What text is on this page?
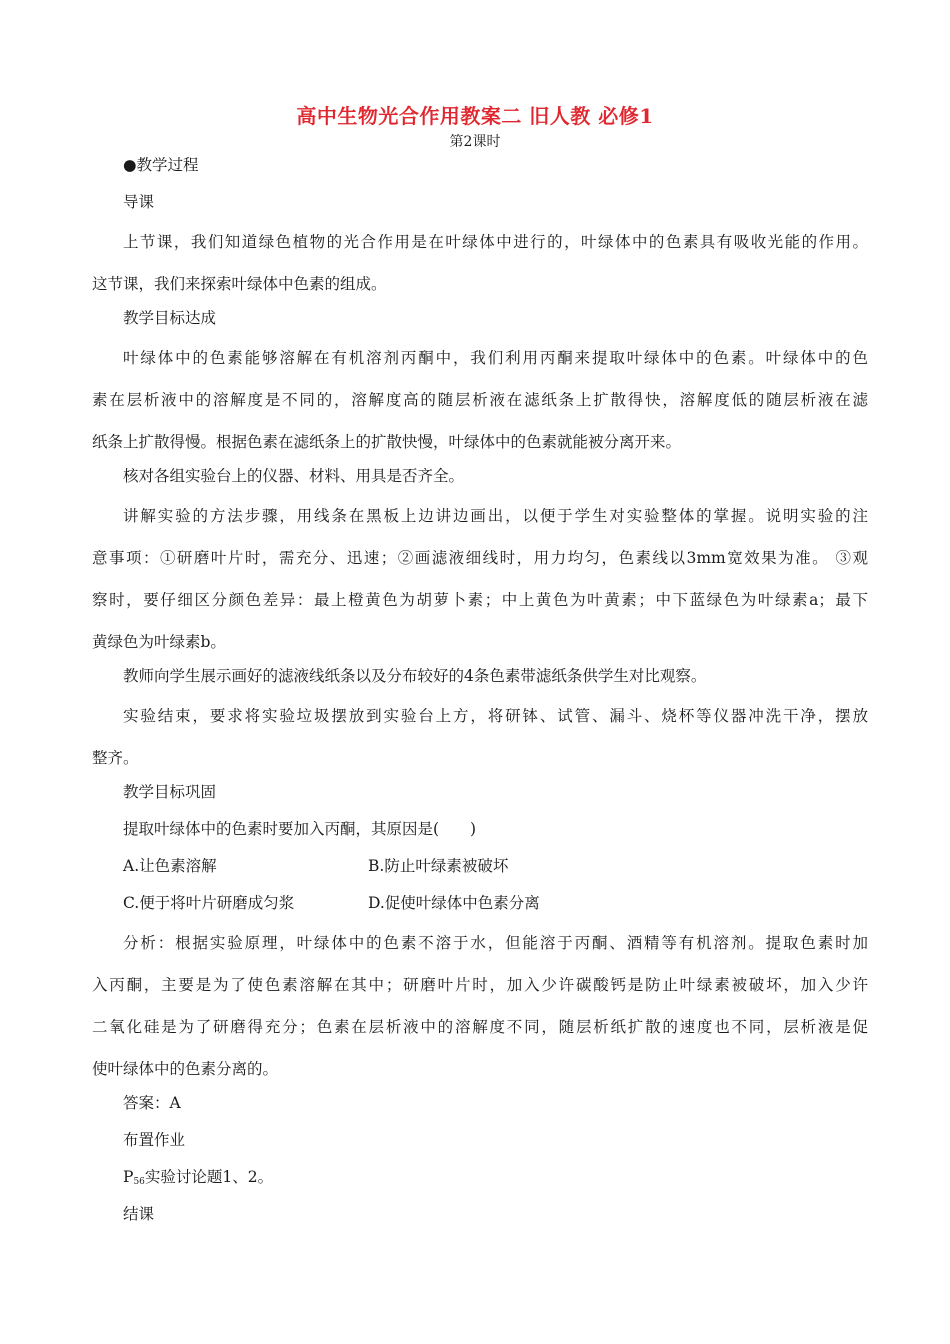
高中生物光合作用教案二 旧人教 必修1
第2课时
●教学过程
导课
上节课，我们知道绿色植物的光合作用是在叶绿体中进行的，叶绿体中的色素具有吸收光能的作用。
这节课，我们来探索叶绿体中色素的组成。
教学目标达成
叶绿体中的色素能够溶解在有机溶剂丙酮中，我们利用丙酮来提取叶绿体中的色素。叶绿体中的色
素在层析液中的溶解度是不同的，溶解度高的随层析液在滤纸条上扩散得快，溶解度低的随层析液在滤
纸条上扩散得慢。根据色素在滤纸条上的扩散快慢，叶绿体中的色素就能被分离开来。
核对各组实验台上的仪器、材料、用具是否齐全。
讲解实验的方法步骤，用线条在黑板上边讲边画出，以便于学生对实验整体的掌握。说明实验的注
意事项：①研磨叶片时，需充分、迅速；②画滤液细线时，用力均匀，色素线以3mm宽效果为准。 ③观
察时，要仔细区分颜色差异：最上橙黄色为胡萝卜素；中上黄色为叶黄素；中下蓝绿色为叶绿素a；最下
黄绿色为叶绿素b。
教师向学生展示画好的滤液线纸条以及分布较好的4条色素带滤纸条供学生对比观察。
实验结束，要求将实验垃圾摆放到实验台上方，将研钵、试管、漏斗、烧杯等仪器冲洗干净，摆放
整齐。
教学目标巩固
提取叶绿体中的色素时要加入丙酮，其原因是(　　)
A.让色素溶解	B.防止叶绿素被破坏
C.便于将叶片研磨成匀浆	D.促使叶绿体中色素分离
分析：根据实验原理，叶绿体中的色素不溶于水，但能溶于丙酮、酒精等有机溶剂。提取色素时加
入丙酮，主要是为了使色素溶解在其中；研磨叶片时，加入少许碳酸钙是防止叶绿素被破坏，加入少许
二氧化硅是为了研磨得充分；色素在层析液中的溶解度不同，随层析纸扩散的速度也不同，层析液是促
使叶绿体中的色素分离的。
答案：A
布置作业
$P_{56}$实验讨论题1、2。
结课
